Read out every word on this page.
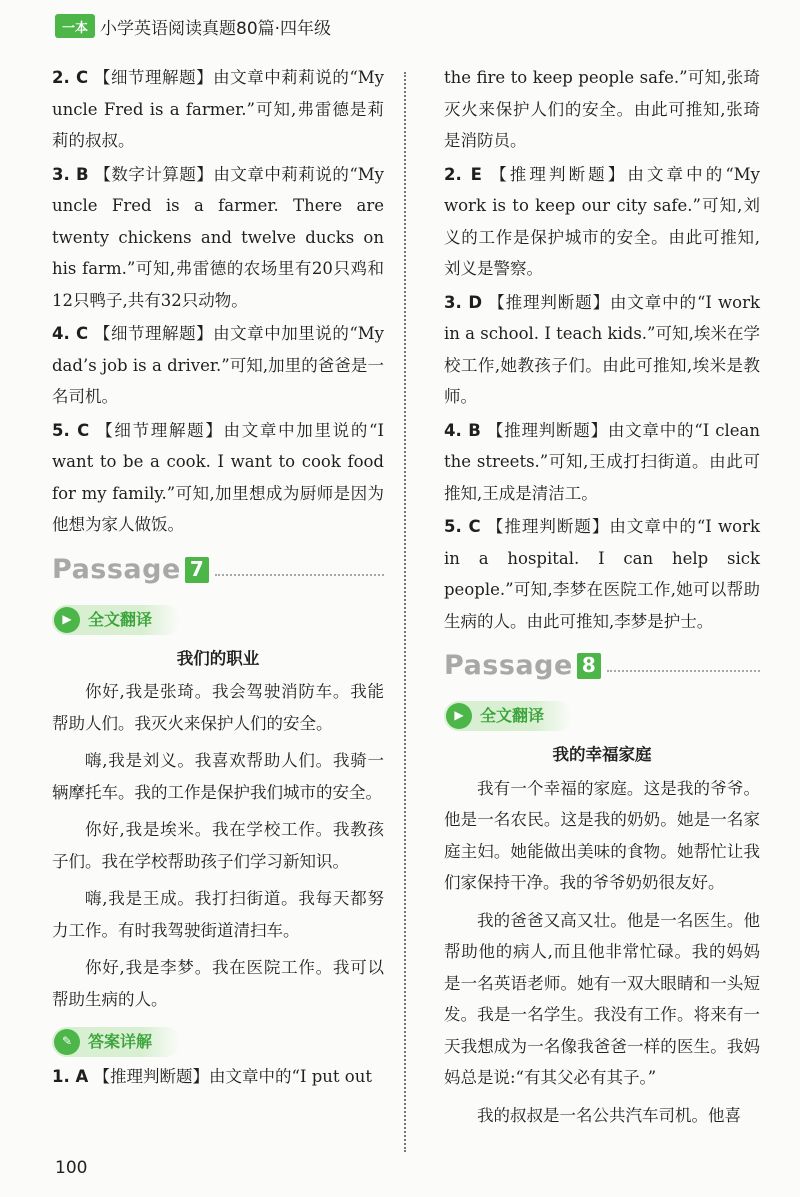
一本 小学英语阅读真题80篇·四年级

2. C 【细节理解题】由文章中莉莉说的“My uncle Fred is a farmer.”可知,弗雷德是莉莉的叔叔。

3. B 【数字计算题】由文章中莉莉说的“My uncle Fred is a farmer. There are twenty chickens and twelve ducks on his farm.”可知,弗雷德的农场里有20只鸡和12只鸭子,共有32只动物。

4. C 【细节理解题】由文章中加里说的“My dad’s job is a driver.”可知,加里的爸爸是一名司机。

5. C 【细节理解题】由文章中加里说的“I want to be a cook. I want to cook food for my family.”可知,加里想成为厨师是因为他想为家人做饭。

Passage 7
▶	全文翻译
我们的职业

你好,我是张琦。我会驾驶消防车。我能帮助人们。我灭火来保护人们的安全。

嗨,我是刘义。我喜欢帮助人们。我骑一辆摩托车。我的工作是保护我们城市的安全。

你好,我是埃米。我在学校工作。我教孩子们。我在学校帮助孩子们学习新知识。

嗨,我是王成。我打扫街道。我每天都努力工作。有时我驾驶街道清扫车。

你好,我是李梦。我在医院工作。我可以帮助生病的人。

✎ 答案详解

1. A 【推理判断题】由文章中的“I put out

the fire to keep people safe.”可知,张琦灭火来保护人们的安全。由此可推知,张琦是消防员。

2. E 【推理判断题】由文章中的“My work is to keep our city safe.”可知,刘义的工作是保护城市的安全。由此可推知,刘义是警察。

3. D 【推理判断题】由文章中的“I work in a school. I teach kids.”可知,埃米在学校工作,她教孩子们。由此可推知,埃米是教师。

4. B 【推理判断题】由文章中的“I clean the streets.”可知,王成打扫街道。由此可推知,王成是清洁工。

5. C 【推理判断题】由文章中的“I work in a hospital. I can help sick people.”可知,李梦在医院工作,她可以帮助生病的人。由此可推知,李梦是护士。

Passage 8
▶	全文翻译
我的幸福家庭

我有一个幸福的家庭。这是我的爷爷。他是一名农民。这是我的奶奶。她是一名家庭主妇。她能做出美味的食物。她帮忙让我们家保持干净。我的爷爷奶奶很友好。

我的爸爸又高又壮。他是一名医生。他帮助他的病人,而且他非常忙碌。我的妈妈是一名英语老师。她有一双大眼睛和一头短发。我是一名学生。我没有工作。将来有一天我想成为一名像我爸爸一样的医生。我妈妈总是说:“有其父必有其子。”

我的叔叔是一名公共汽车司机。他喜

100
